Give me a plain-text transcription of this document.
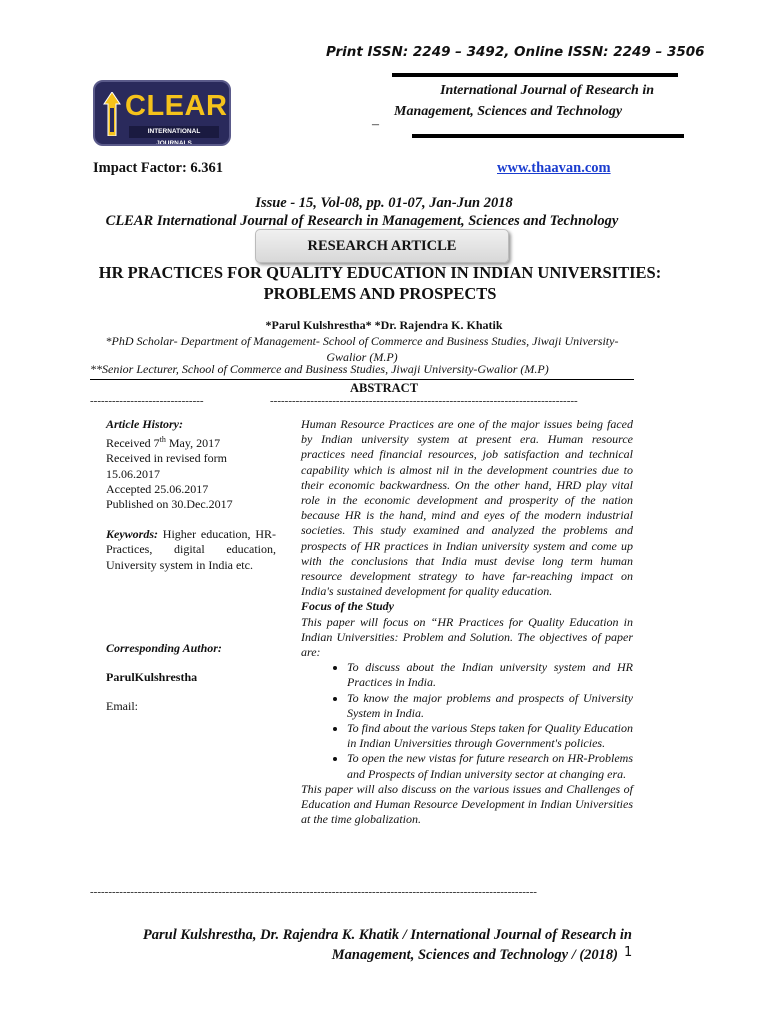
Print ISSN: 2249 – 3492, Online ISSN: 2249 – 3506
International Journal of Research in
Management, Sciences and Technology
–
CLEAR
INTERNATIONAL JOURNALS
Impact Factor: 6.361	www.thaavan.com
Issue - 15, Vol-08, pp. 01-07, Jan-Jun 2018
CLEAR International Journal of Research in Management, Sciences and Technology
RESEARCH ARTICLE
HR PRACTICES FOR QUALITY EDUCATION IN INDIAN UNIVERSITIES: PROBLEMS AND PROSPECTS
*Parul Kulshrestha* *Dr. Rajendra K. Khatik
*PhD Scholar- Department of Management- School of Commerce and Business Studies, Jiwaji University-Gwalior (M.P)
**Senior Lecturer, School of Commerce and Business Studies, Jiwaji University-Gwalior (M.P)
ABSTRACT
-------------------------------	------------------------------------------------------------------------------------
Article History:
Received 7th May, 2017
Received in revised form
15.06.2017
Accepted 25.06.2017
Published on 30.Dec.2017
Keywords: Higher education, HR- Practices, digital education, University system in India etc.
Corresponding Author:
ParulKulshrestha
Email:
Human Resource Practices are one of the major issues being faced by Indian university system at present era. Human resource practices need financial resources, job satisfaction and technical capability which is almost nil in the development countries due to their economic backwardness. On the other hand, HRD play vital role in the economic development and prosperity of the nation because HR is the hand, mind and eyes of the modern industrial societies. This study examined and analyzed the problems and prospects of HR practices in Indian university system and come up with the conclusions that India must devise long term human resource development strategy to have far-reaching impact on India's sustained development for quality education.
Focus of the Study
This paper will focus on “HR Practices for Quality Education in Indian Universities: Problem and Solution. The objectives of paper are:
• To discuss about the Indian university system and HR Practices in India.
• To know the major problems and prospects of University System in India.
• To find about the various Steps taken for Quality Education in Indian Universities through Government's policies.
• To open the new vistas for future research on HR-Problems and Prospects of Indian university sector at changing era.
This paper will also discuss on the various issues and Challenges of Education and Human Resource Development in Indian Universities at the time globalization.
--------------------------------------------------------------------------------------------------------------------------
Parul Kulshrestha, Dr. Rajendra K. Khatik / International Journal of Research in
Management, Sciences and Technology / (2018) 1
